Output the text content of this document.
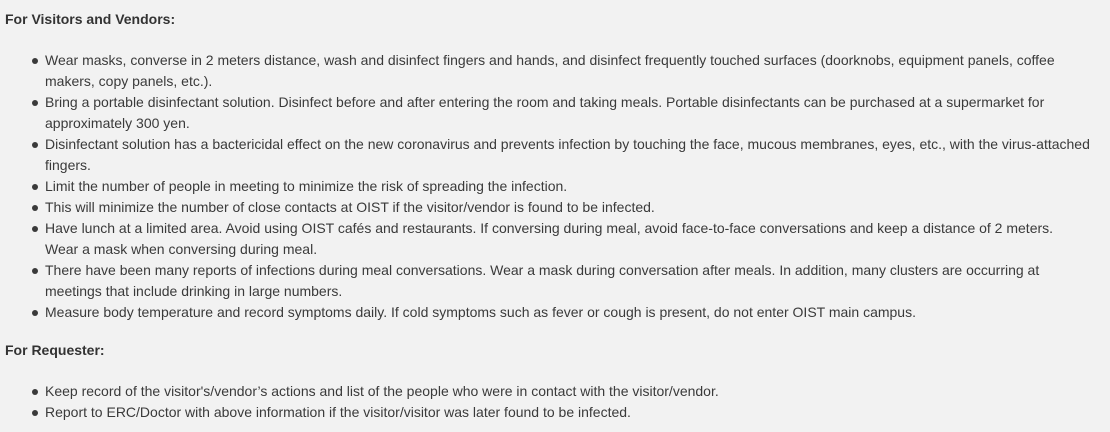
For Visitors and Vendors:
Wear masks, converse in 2 meters distance, wash and disinfect fingers and hands, and disinfect frequently touched surfaces (doorknobs, equipment panels, coffee makers, copy panels, etc.).
Bring a portable disinfectant solution. Disinfect before and after entering the room and taking meals. Portable disinfectants can be purchased at a supermarket for approximately 300 yen.
Disinfectant solution has a bactericidal effect on the new coronavirus and prevents infection by touching the face, mucous membranes, eyes, etc., with the virus-attached fingers.
Limit the number of people in meeting to minimize the risk of spreading the infection.
This will minimize the number of close contacts at OIST if the visitor/vendor is found to be infected.
Have lunch at a limited area. Avoid using OIST cafés and restaurants. If conversing during meal, avoid face-to-face conversations and keep a distance of 2 meters. Wear a mask when conversing during meal.
There have been many reports of infections during meal conversations. Wear a mask during conversation after meals. In addition, many clusters are occurring at meetings that include drinking in large numbers.
Measure body temperature and record symptoms daily. If cold symptoms such as fever or cough is present, do not enter OIST main campus.
For Requester:
Keep record of the visitor's/vendor’s actions and list of the people who were in contact with the visitor/vendor.
Report to ERC/Doctor with above information if the visitor/visitor was later found to be infected.
